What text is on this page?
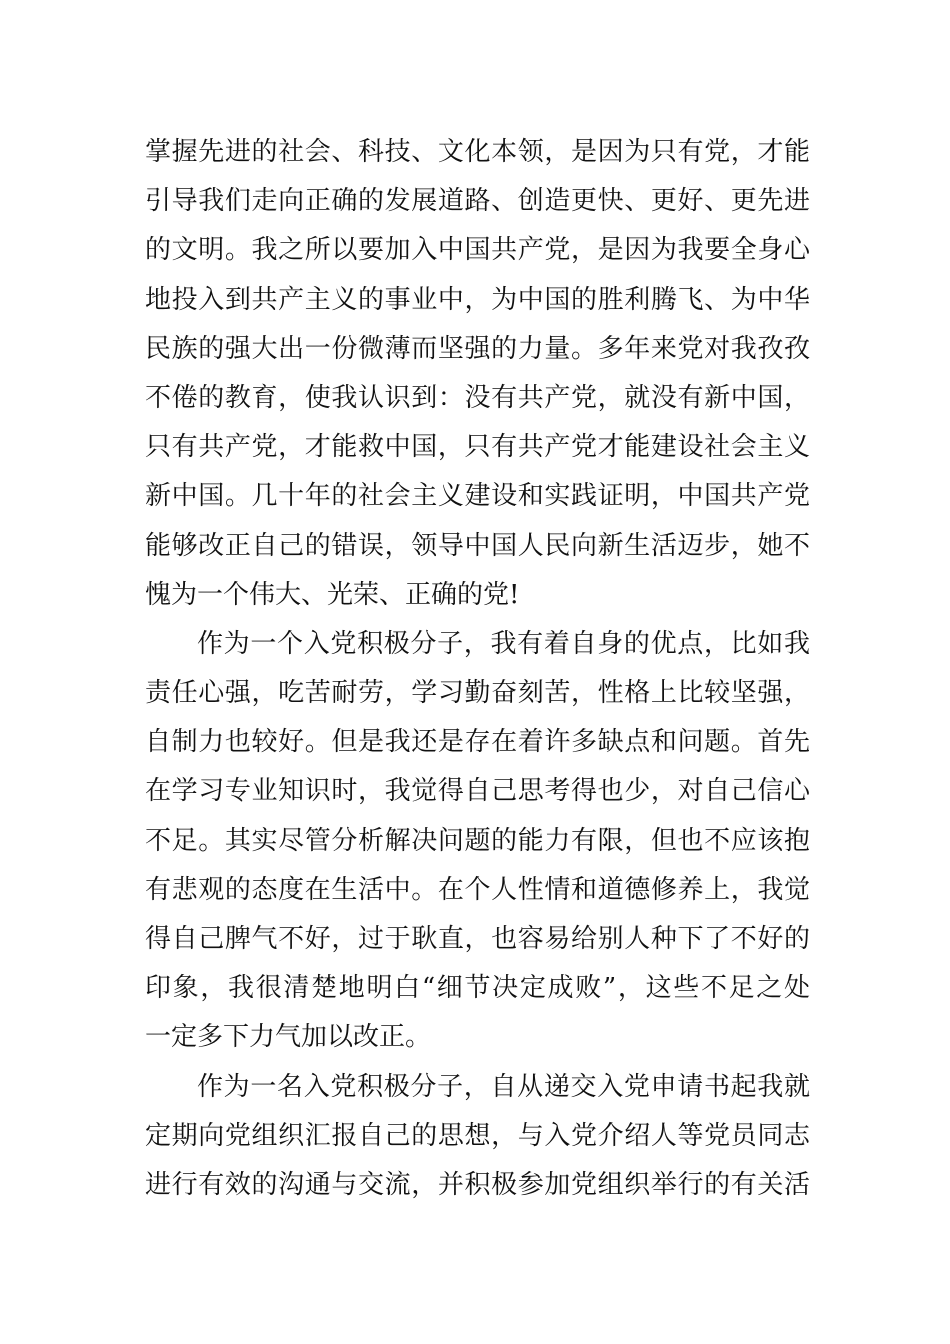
掌握先进的社会、科技、文化本领，是因为只有党，才能
引导我们走向正确的发展道路、创造更快、更好、更先进
的文明。我之所以要加入中国共产党，是因为我要全身心
地投入到共产主义的事业中，为中国的胜利腾飞、为中华
民族的强大出一份微薄而坚强的力量。多年来党对我孜孜
不倦的教育，使我认识到：没有共产党，就没有新中国，
只有共产党，才能救中国，只有共产党才能建设社会主义
新中国。几十年的社会主义建设和实践证明，中国共产党
能够改正自己的错误，领导中国人民向新生活迈步，她不
愧为一个伟大、光荣、正确的党!
作为一个入党积极分子，我有着自身的优点，比如我
责任心强，吃苦耐劳，学习勤奋刻苦，性格上比较坚强，
自制力也较好。但是我还是存在着许多缺点和问题。首先
在学习专业知识时，我觉得自己思考得也少，对自己信心
不足。其实尽管分析解决问题的能力有限，但也不应该抱
有悲观的态度在生活中。在个人性情和道德修养上，我觉
得自己脾气不好，过于耿直，也容易给别人种下了不好的
印象，我很清楚地明白“细节决定成败”，这些不足之处
一定多下力气加以改正。
作为一名入党积极分子，自从递交入党申请书起我就
定期向党组织汇报自己的思想，与入党介绍人等党员同志
进行有效的沟通与交流，并积极参加党组织举行的有关活
